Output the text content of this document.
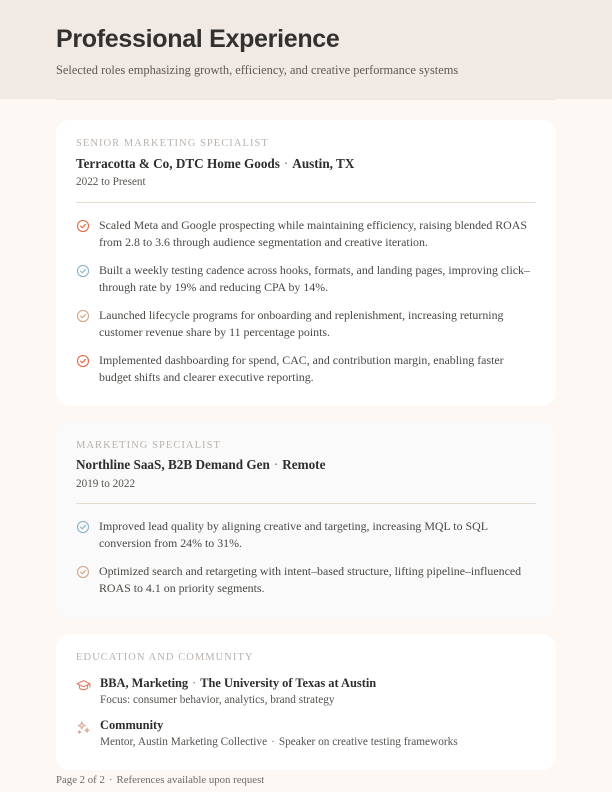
Professional Experience

Selected roles emphasizing growth, efficiency, and creative performance systems

SENIOR MARKETING SPECIALIST
Terracotta & Co, DTC Home Goods · Austin, TX
2022 to Present
Scaled Meta and Google prospecting while maintaining efficiency, raising blended ROAS from 2.8 to 3.6 through audience segmentation and creative iteration.
Built a weekly testing cadence across hooks, formats, and landing pages, improving click–through rate by 19% and reducing CPA by 14%.
Launched lifecycle programs for onboarding and replenishment, increasing returning customer revenue share by 11 percentage points.
Implemented dashboarding for spend, CAC, and contribution margin, enabling faster budget shifts and clearer executive reporting.
MARKETING SPECIALIST
Northline SaaS, B2B Demand Gen · Remote
2019 to 2022
Improved lead quality by aligning creative and targeting, increasing MQL to SQL conversion from 24% to 31%.
Optimized search and retargeting with intent–based structure, lifting pipeline–influenced ROAS to 4.1 on priority segments.
EDUCATION AND COMMUNITY
BBA, Marketing · The University of Texas at Austin
Focus: consumer behavior, analytics, brand strategy
Community
Mentor, Austin Marketing Collective · Speaker on creative testing frameworks
Page 2 of 2 · References available upon request
